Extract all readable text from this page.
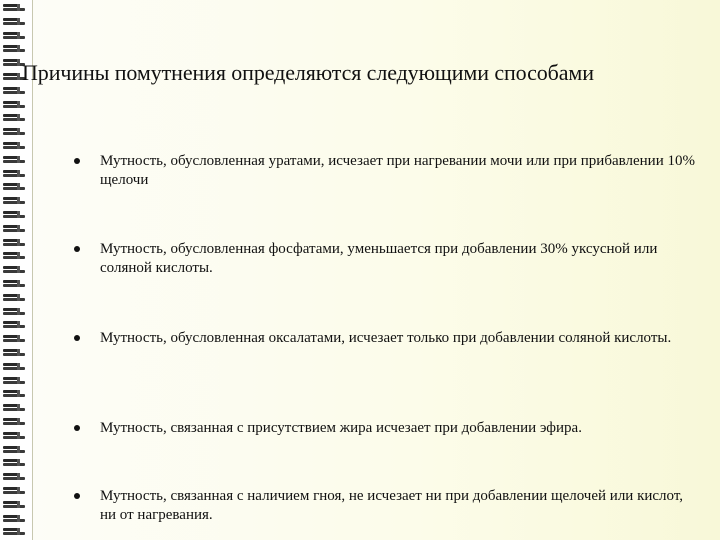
Причины помутнения определяются следующими способами
Мутность, обусловленная уратами, исчезает при нагревании мочи или при прибавлении 10% щелочи
Мутность, обусловленная фосфатами, уменьшается при добавлении 30% уксусной или соляной кислоты.
Мутность, обусловленная оксалатами, исчезает только при добавлении соляной кислоты.
Мутность, связанная с присутствием жира исчезает при добавлении эфира.
Мутность, связанная с наличием гноя, не исчезает ни при добавлении щелочей или кислот, ни от нагревания.
